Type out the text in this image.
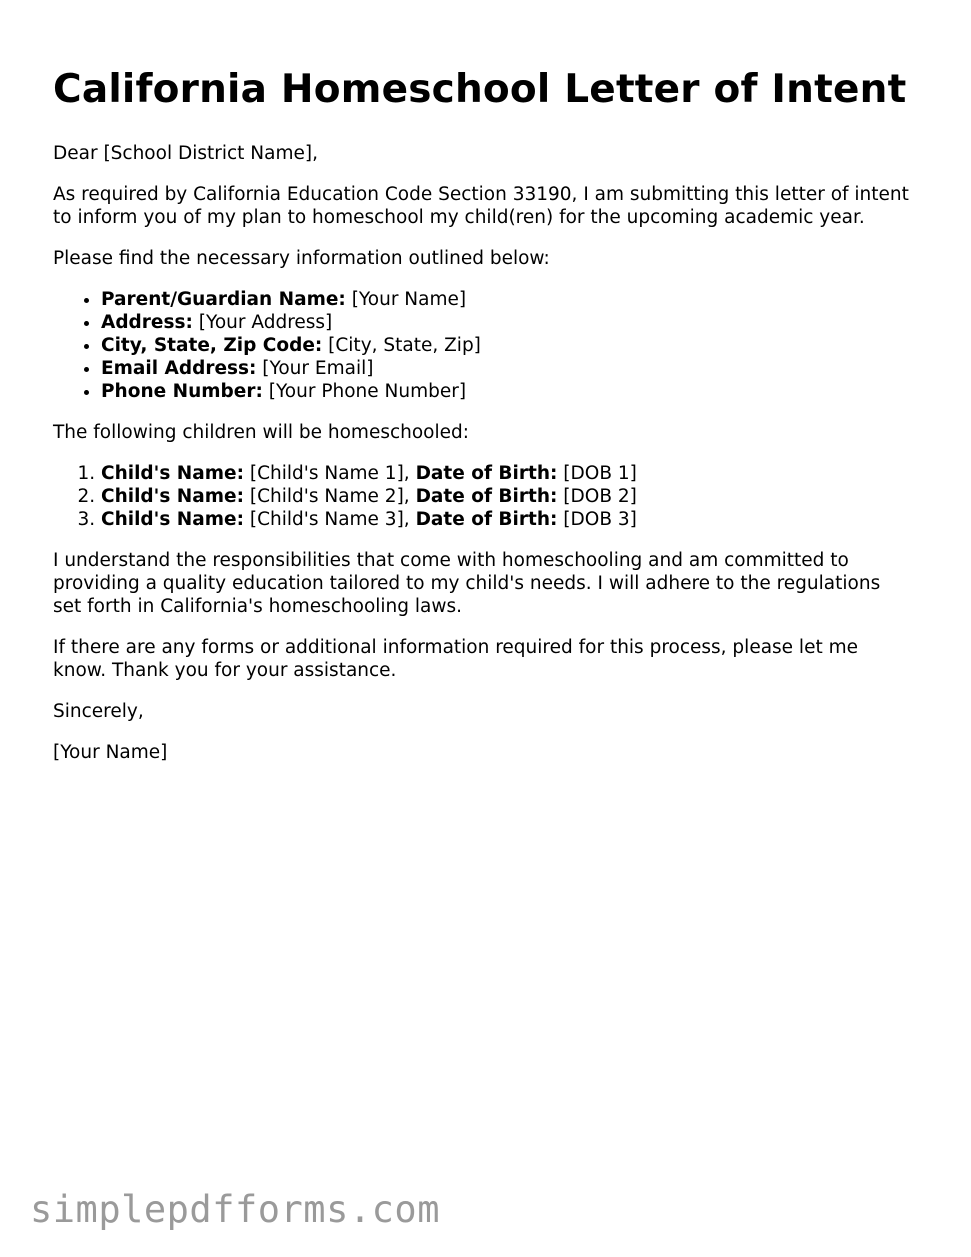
California Homeschool Letter of Intent

Dear [School District Name],

As required by California Education Code Section 33190, I am submitting this letter of intent to inform you of my plan to homeschool my child(ren) for the upcoming academic year.

Please find the necessary information outlined below:

• Parent/Guardian Name: [Your Name]
• Address: [Your Address]
• City, State, Zip Code: [City, State, Zip]
• Email Address: [Your Email]
• Phone Number: [Your Phone Number]

The following children will be homeschooled:

1. Child's Name: [Child's Name 1], Date of Birth: [DOB 1]
2. Child's Name: [Child's Name 2], Date of Birth: [DOB 2]
3. Child's Name: [Child's Name 3], Date of Birth: [DOB 3]

I understand the responsibilities that come with homeschooling and am committed to providing a quality education tailored to my child's needs. I will adhere to the regulations set forth in California's homeschooling laws.

If there are any forms or additional information required for this process, please let me know. Thank you for your assistance.

Sincerely,

[Your Name]

simplepdfforms.com
